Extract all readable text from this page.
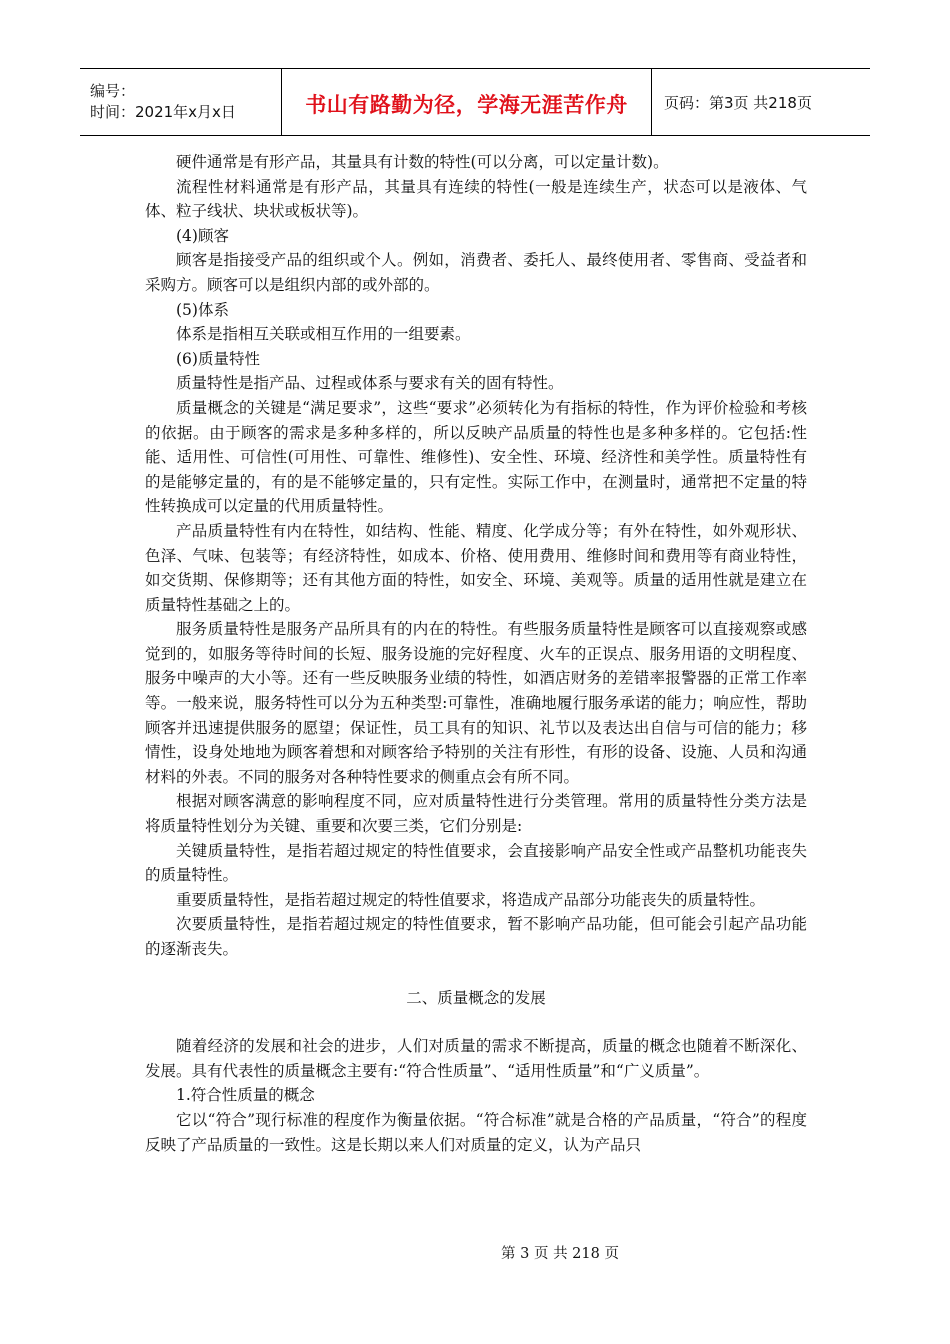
编号：
时间：2021年x月x日	书山有路勤为径，学海无涯苦作舟 页码：第3页 共218页

硬件通常是有形产品，其量具有计数的特性(可以分离，可以定量计数)。

流程性材料通常是有形产品，其量具有连续的特性(一般是连续生产，状态可以是液体、气体、粒子线状、块状或板状等)。

(4)顾客

顾客是指接受产品的组织或个人。例如，消费者、委托人、最终使用者、零售商、受益者和采购方。顾客可以是组织内部的或外部的。

(5)体系

体系是指相互关联或相互作用的一组要素。

(6)质量特性

质量特性是指产品、过程或体系与要求有关的固有特性。

质量概念的关键是“满足要求”，这些“要求”必须转化为有指标的特性，作为评价检验和考核的依据。由于顾客的需求是多种多样的，所以反映产品质量的特性也是多种多样的。它包括:性能、适用性、可信性(可用性、可靠性、维修性)、安全性、环境、经济性和美学性。质量特性有的是能够定量的，有的是不能够定量的，只有定性。实际工作中，在测量时，通常把不定量的特性转换成可以定量的代用质量特性。

产品质量特性有内在特性，如结构、性能、精度、化学成分等；有外在特性，如外观形状、色泽、气味、包装等；有经济特性，如成本、价格、使用费用、维修时间和费用等有商业特性，如交货期、保修期等；还有其他方面的特性，如安全、环境、美观等。质量的适用性就是建立在质量特性基础之上的。

服务质量特性是服务产品所具有的内在的特性。有些服务质量特性是顾客可以直接观察或感觉到的，如服务等待时间的长短、服务设施的完好程度、火车的正误点、服务用语的文明程度、服务中噪声的大小等。还有一些反映服务业绩的特性，如酒店财务的差错率报警器的正常工作率等。一般来说，服务特性可以分为五种类型:可靠性，准确地履行服务承诺的能力；响应性，帮助顾客并迅速提供服务的愿望；保证性，员工具有的知识、礼节以及表达出自信与可信的能力；移情性，设身处地地为顾客着想和对顾客给予特别的关注有形性，有形的设备、设施、人员和沟通材料的外表。不同的服务对各种特性要求的侧重点会有所不同。

根据对顾客满意的影响程度不同，应对质量特性进行分类管理。常用的质量特性分类方法是将质量特性划分为关键、重要和次要三类，它们分别是:

关键质量特性，是指若超过规定的特性值要求，会直接影响产品安全性或产品整机功能丧失的质量特性。

重要质量特性，是指若超过规定的特性值要求，将造成产品部分功能丧失的质量特性。

次要质量特性，是指若超过规定的特性值要求，暂不影响产品功能，但可能会引起产品功能的逐渐丧失。

二、质量概念的发展

随着经济的发展和社会的进步，人们对质量的需求不断提高，质量的概念也随着不断深化、发展。具有代表性的质量概念主要有:“符合性质量”、“适用性质量”和“广义质量”。

1.符合性质量的概念

它以“符合”现行标准的程度作为衡量依据。“符合标准”就是合格的产品质量，“符合”的程度反映了产品质量的一致性。这是长期以来人们对质量的定义，认为产品只

第 3 页 共 218 页
